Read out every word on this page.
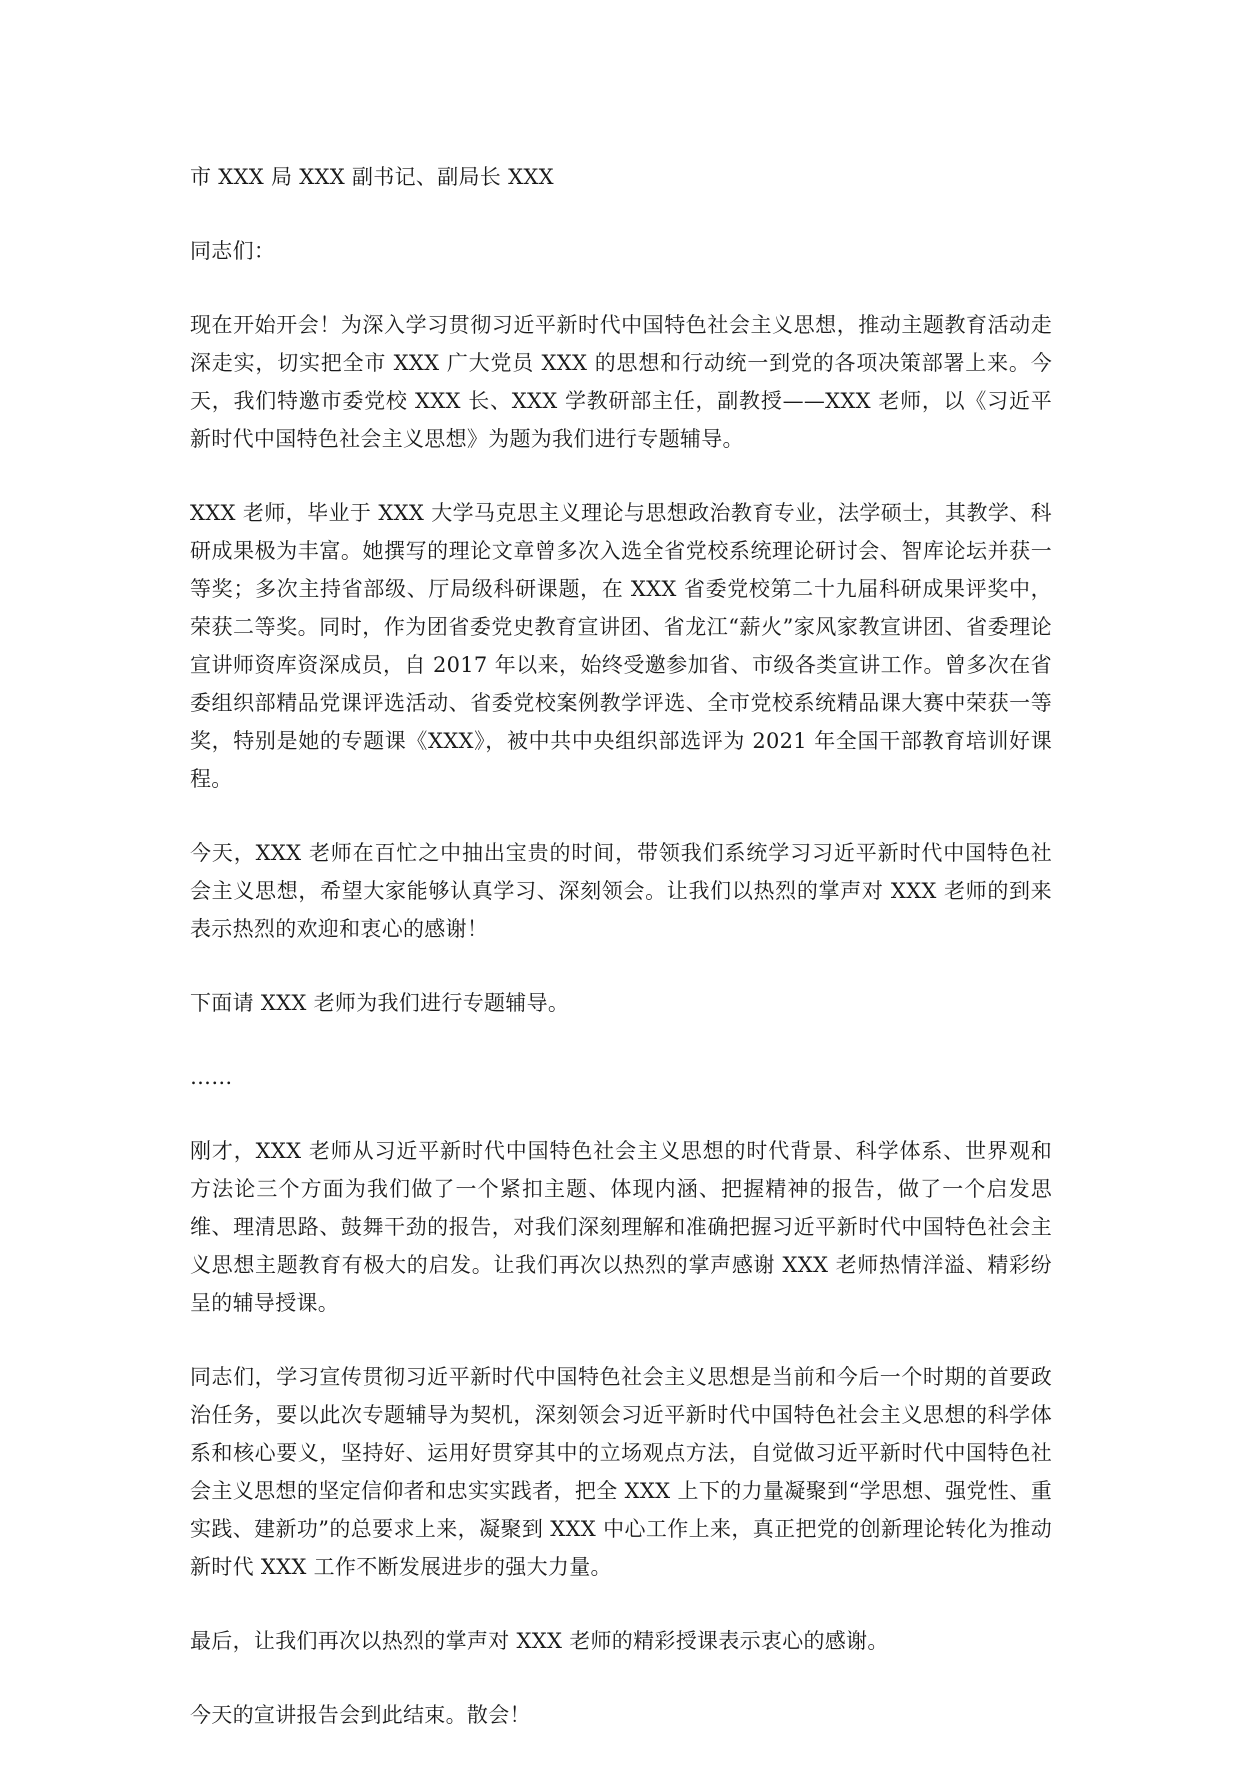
市 XXX 局 XXX 副书记、副局长 XXX

同志们：

现在开始开会！为深入学习贯彻习近平新时代中国特色社会主义思想，推动主题教育活动走深走实，切实把全市 XXX 广大党员 XXX 的思想和行动统一到党的各项决策部署上来。今天，我们特邀市委党校 XXX 长、XXX 学教研部主任，副教授——XXX 老师，以《习近平新时代中国特色社会主义思想》为题为我们进行专题辅导。

XXX 老师，毕业于 XXX 大学马克思主义理论与思想政治教育专业，法学硕士，其教学、科研成果极为丰富。她撰写的理论文章曾多次入选全省党校系统理论研讨会、智库论坛并获一等奖；多次主持省部级、厅局级科研课题，在 XXX 省委党校第二十九届科研成果评奖中，荣获二等奖。同时，作为团省委党史教育宣讲团、省龙江“薪火”家风家教宣讲团、省委理论宣讲师资库资深成员，自 2017 年以来，始终受邀参加省、市级各类宣讲工作。曾多次在省委组织部精品党课评选活动、省委党校案例教学评选、全市党校系统精品课大赛中荣获一等奖，特别是她的专题课《XXX》，被中共中央组织部选评为 2021 年全国干部教育培训好课程。

今天，XXX 老师在百忙之中抽出宝贵的时间，带领我们系统学习习近平新时代中国特色社会主义思想，希望大家能够认真学习、深刻领会。让我们以热烈的掌声对 XXX 老师的到来表示热烈的欢迎和衷心的感谢！

下面请 XXX 老师为我们进行专题辅导。

……

刚才，XXX 老师从习近平新时代中国特色社会主义思想的时代背景、科学体系、世界观和方法论三个方面为我们做了一个紧扣主题、体现内涵、把握精神的报告，做了一个启发思维、理清思路、鼓舞干劲的报告，对我们深刻理解和准确把握习近平新时代中国特色社会主义思想主题教育有极大的启发。让我们再次以热烈的掌声感谢 XXX 老师热情洋溢、精彩纷呈的辅导授课。

同志们，学习宣传贯彻习近平新时代中国特色社会主义思想是当前和今后一个时期的首要政治任务，要以此次专题辅导为契机，深刻领会习近平新时代中国特色社会主义思想的科学体系和核心要义，坚持好、运用好贯穿其中的立场观点方法，自觉做习近平新时代中国特色社会主义思想的坚定信仰者和忠实实践者，把全 XXX 上下的力量凝聚到“学思想、强党性、重实践、建新功”的总要求上来，凝聚到 XXX 中心工作上来，真正把党的创新理论转化为推动新时代 XXX 工作不断发展进步的强大力量。

最后，让我们再次以热烈的掌声对 XXX 老师的精彩授课表示衷心的感谢。

今天的宣讲报告会到此结束。散会！
